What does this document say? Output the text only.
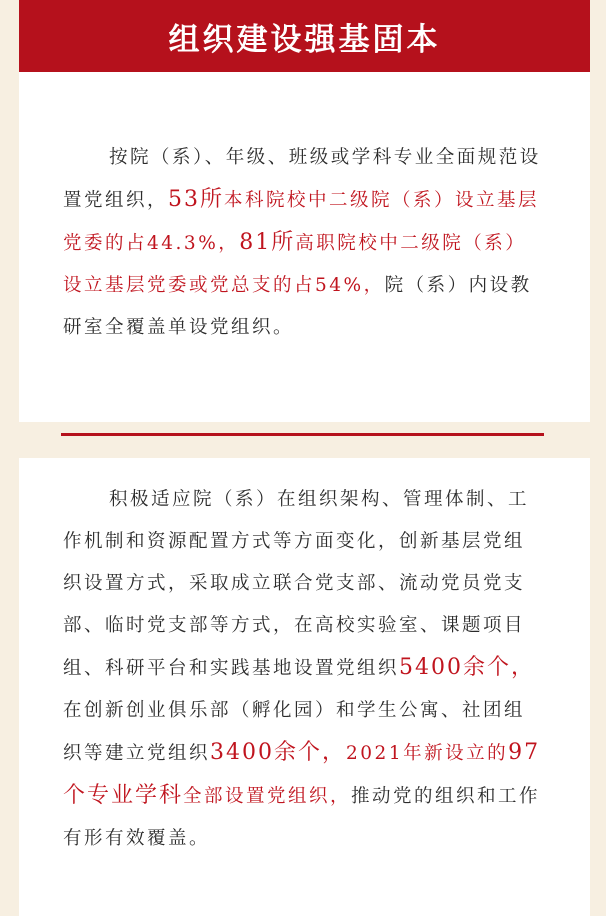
组织建设强基固本

按院（系）、年级、班级或学科专业全面规范设置党组织，53所本科院校中二级院（系）设立基层党委的占44.3%，81所高职院校中二级院（系）设立基层党委或党总支的占54%，院（系）内设教研室全覆盖单设党组织。

积极适应院（系）在组织架构、管理体制、工作机制和资源配置方式等方面变化，创新基层党组织设置方式，采取成立联合党支部、流动党员党支部、临时党支部等方式，在高校实验室、课题项目组、科研平台和实践基地设置党组织5400余个，在创新创业俱乐部（孵化园）和学生公寓、社团组织等建立党组织3400余个，2021年新设立的97个专业学科全部设置党组织，推动党的组织和工作有形有效覆盖。
